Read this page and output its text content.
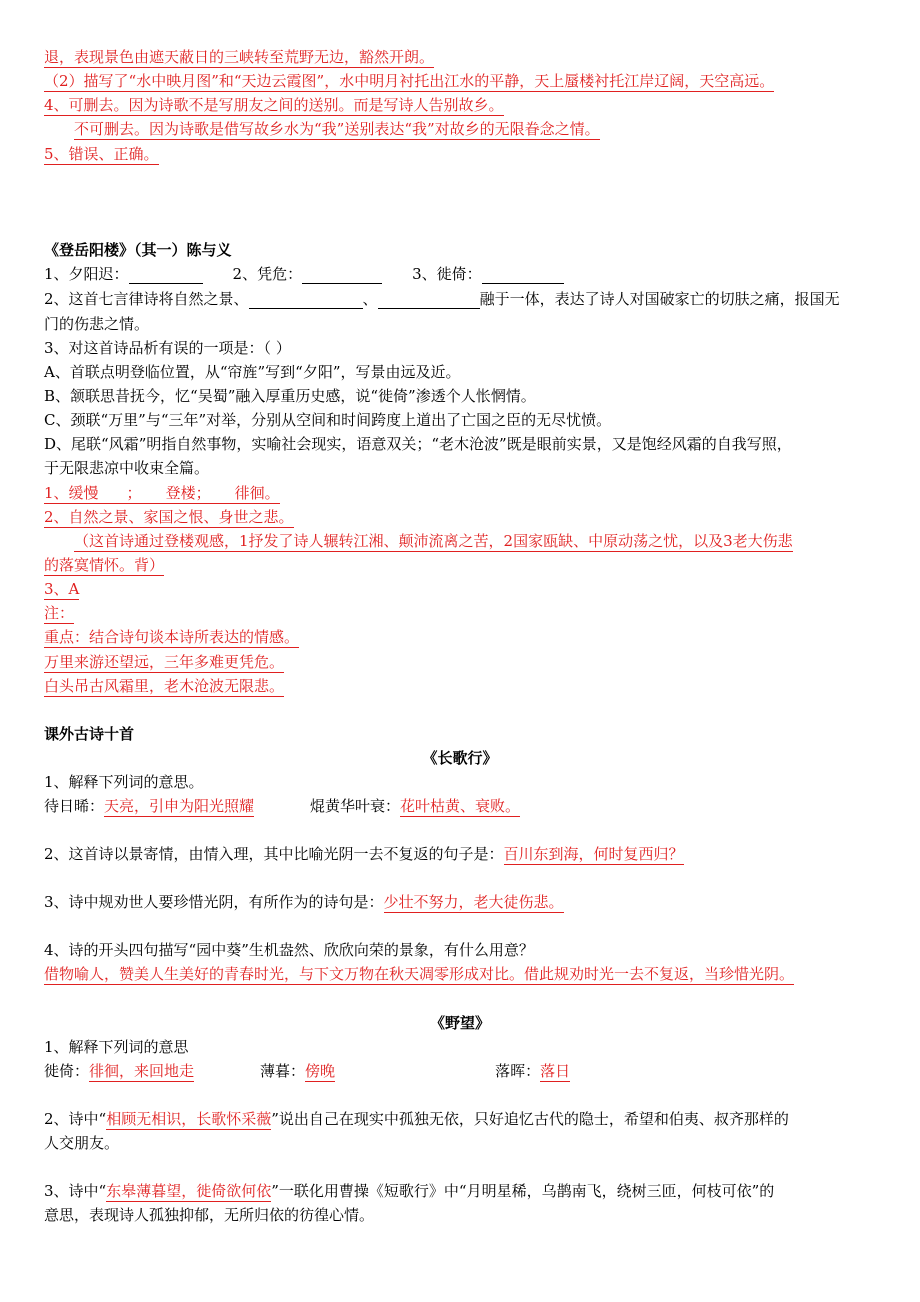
退，表现景色由遮天蔽日的三峡转至荒野无边，豁然开朗。
（2）描写了“水中映月图”和“天边云霞图”，水中明月衬托出江水的平静，天上蜃楼衬托江岸辽阔，天空高远。
4、可删去。因为诗歌不是写朋友之间的送别。而是写诗人告别故乡。
不可删去。因为诗歌是借写故乡水为“我”送别表达“我”对故乡的无限眷念之情。
5、错误、正确。
《登岳阳楼》（其一）陈与义
1、夕阳迟：	2、凭危：	3、徙倚：
2、这首七言律诗将自然之景、	、	融于一体，表达了诗人对国破家亡的切肤之痛，报国无
门的伤悲之情。
3、对这首诗品析有误的一项是：（ ）
A、首联点明登临位置，从“帘旌”写到“夕阳”，写景由远及近。
B、颔联思昔抚今，忆“吴蜀”融入厚重历史感，说“徙倚”渗透个人怅惘情。
C、颈联“万里”与“三年”对举，分别从空间和时间跨度上道出了亡国之臣的无尽忧愤。
D、尾联“风霜”明指自然事物，实喻社会现实，语意双关；“老木沧波”既是眼前实景，又是饱经风霜的自我写照，
于无限悲凉中收束全篇。
1、缓慢 ； 登楼； 徘徊。
2、自然之景、家国之恨、身世之悲。
（这首诗通过登楼观感，1抒发了诗人辗转江湘、颠沛流离之苦，2国家瓯缺、中原动荡之忧，以及3老大伤悲
的落寞情怀。背）
3、A
注：
重点：结合诗句谈本诗所表达的情感。
万里来游还望远，三年多难更凭危。
白头吊古风霜里，老木沧波无限悲。
课外古诗十首
《长歌行》
1、解释下列词的意思。
待日晞：天亮，引申为阳光照耀	焜黄华叶衰：花叶枯黄、衰败。
2、这首诗以景寄情，由情入理，其中比喻光阴一去不复返的句子是：百川东到海，何时复西归？
3、诗中规劝世人要珍惜光阴，有所作为的诗句是：少壮不努力，老大徒伤悲。
4、诗的开头四句描写“园中葵”生机盎然、欣欣向荣的景象，有什么用意？
借物喻人，赞美人生美好的青春时光，与下文万物在秋天凋零形成对比。借此规劝时光一去不复返，当珍惜光阴。
《野望》
1、解释下列词的意思
徙倚：徘徊，来回地走	薄暮：傍晚	落晖：落日
2、诗中“相顾无相识，长歌怀采薇”说出自己在现实中孤独无依，只好追忆古代的隐士，希望和伯夷、叔齐那样的
人交朋友。
3、诗中“东皋薄暮望，徙倚欲何依”一联化用曹操《短歌行》中“月明星稀，乌鹊南飞，绕树三匝，何枝可依”的
意思，表现诗人孤独抑郁，无所归依的彷徨心情。
